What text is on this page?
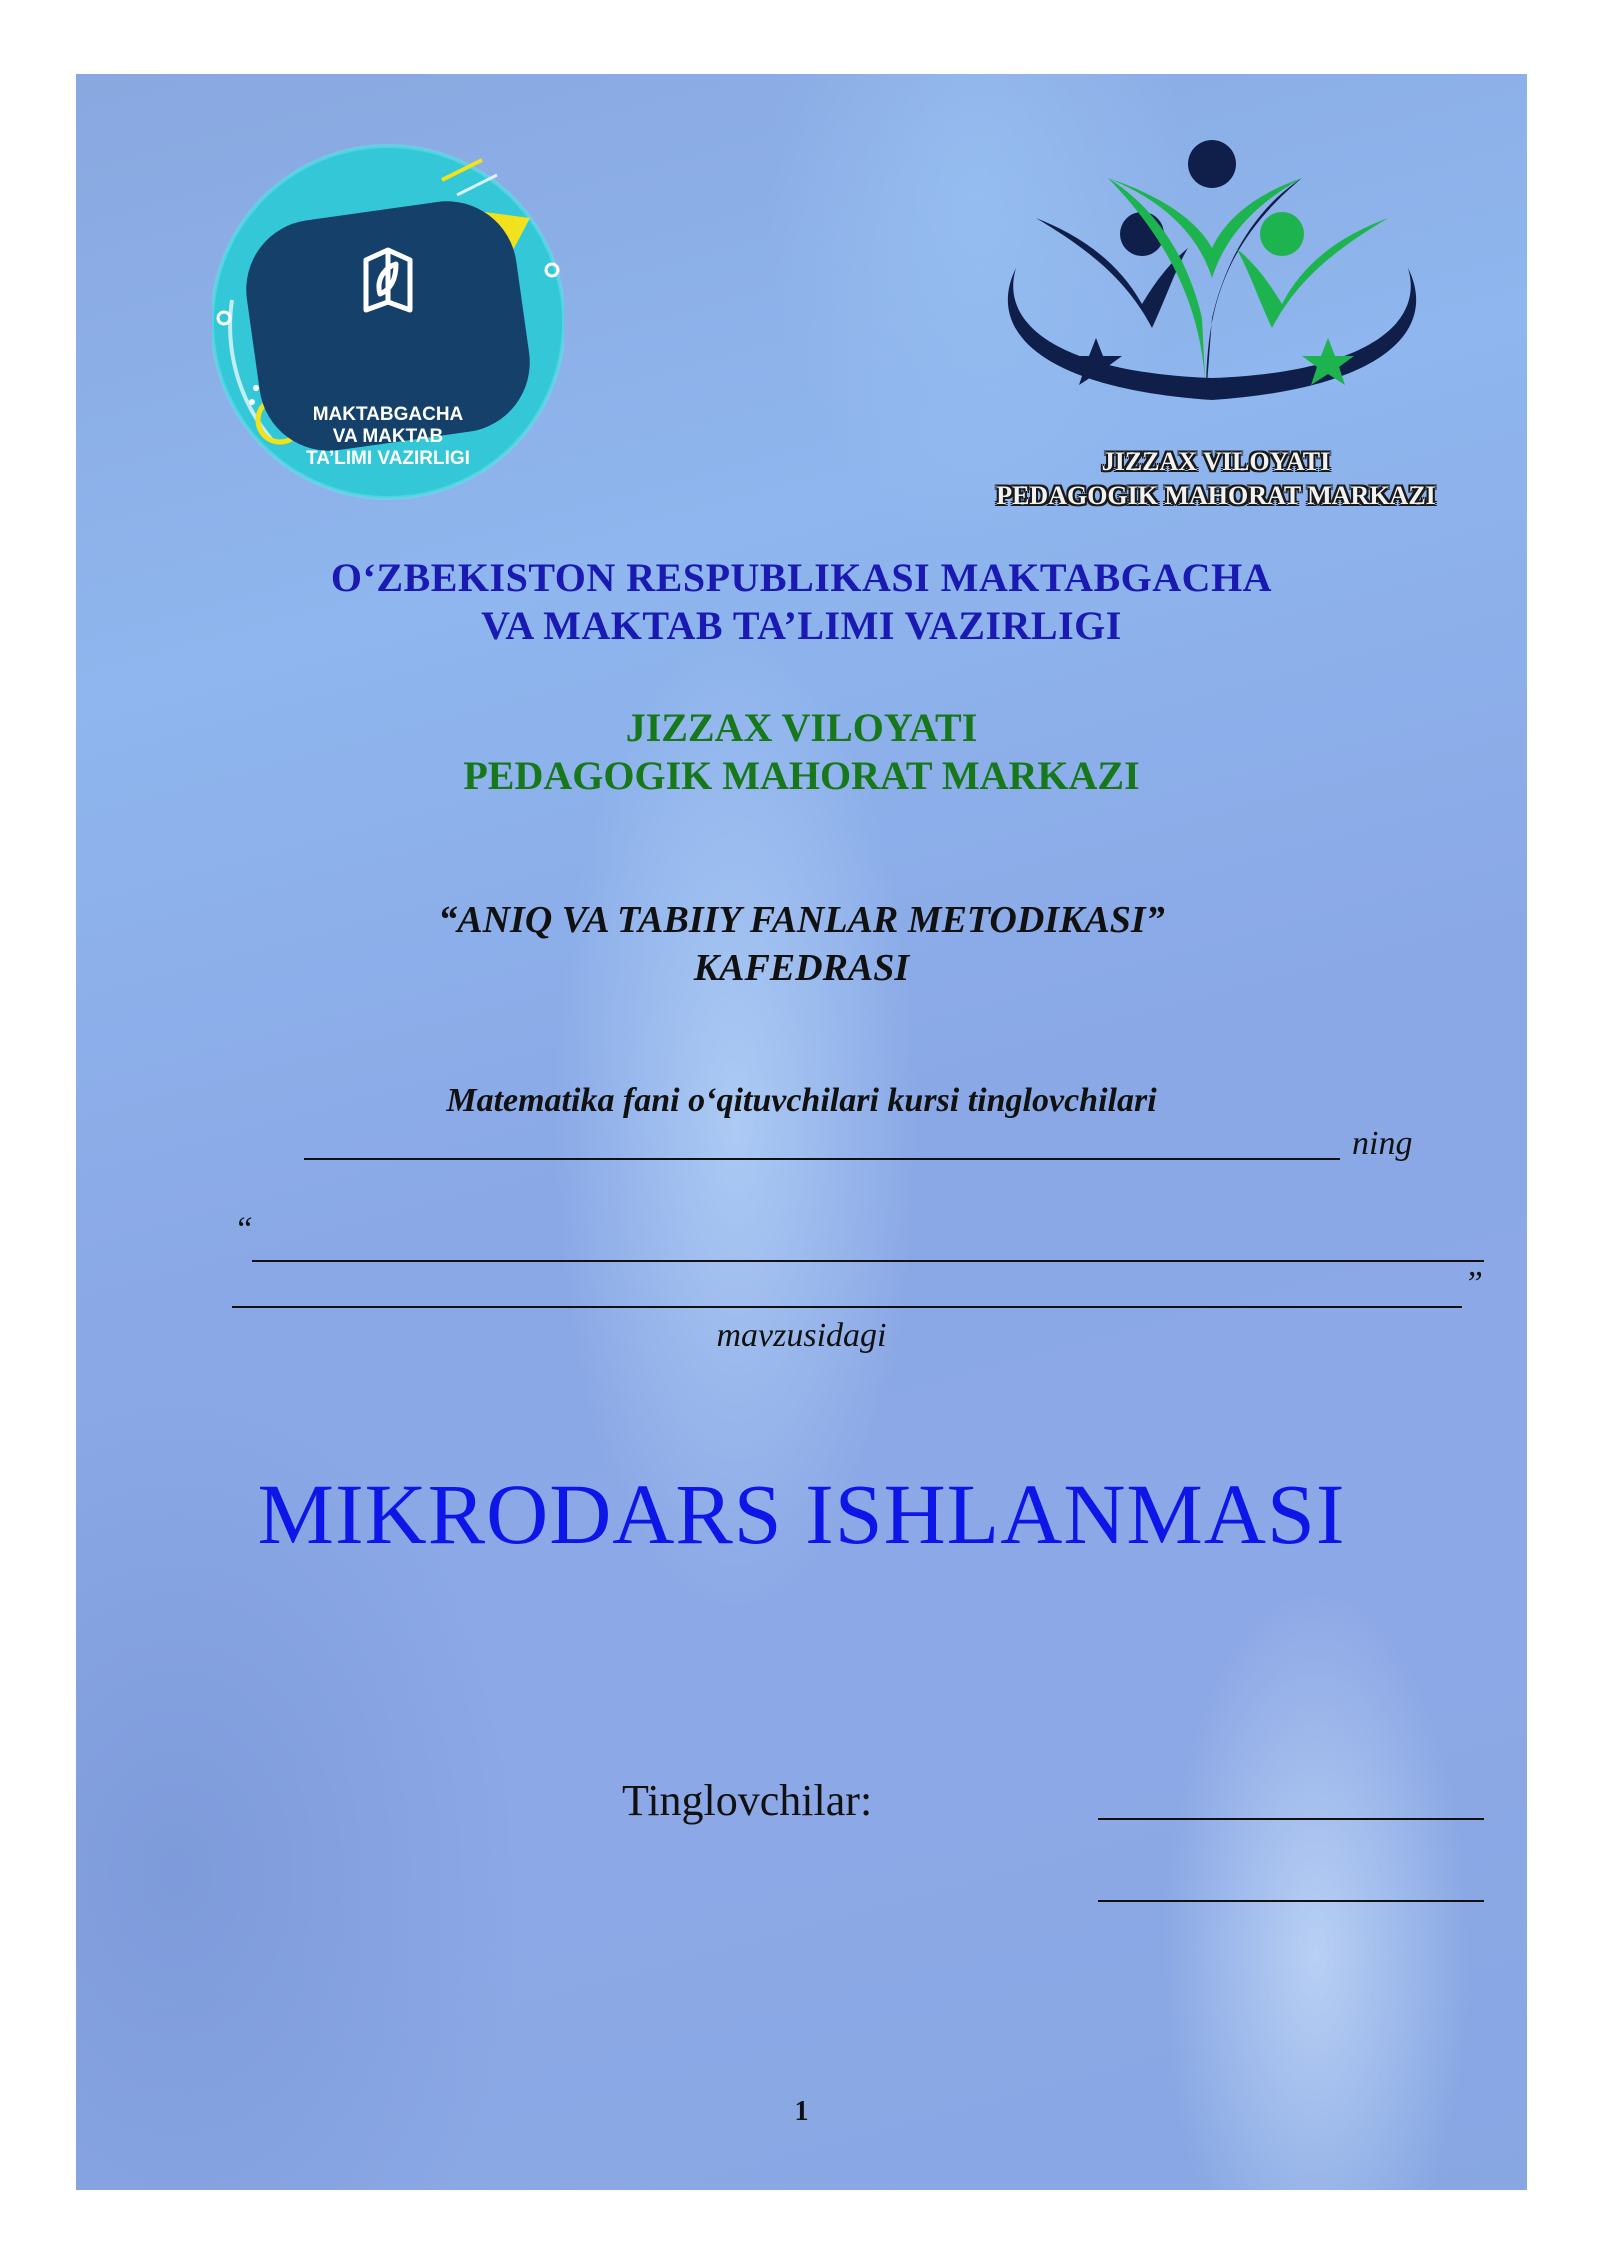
MAKTABGACHA
VA MAKTAB
TA’LIMI VAZIRLIGI	JIZZAX VILOYATI
PEDAGOGIK MAHORAT MARKAZI
O‘ZBEKISTON RESPUBLIKASI MAKTABGACHA
VA MAKTAB TA’LIMI VAZIRLIGI
JIZZAX VILOYATI
PEDAGOGIK MAHORAT MARKAZI
“ANIQ VA TABIIY FANLAR METODIKASI”
KAFEDRASI
Matematika fani o‘qituvchilari kursi tinglovchilari
ning
“
”
mavzusidagi
MIKRODARS ISHLANMASI
Tinglovchilar:
1
